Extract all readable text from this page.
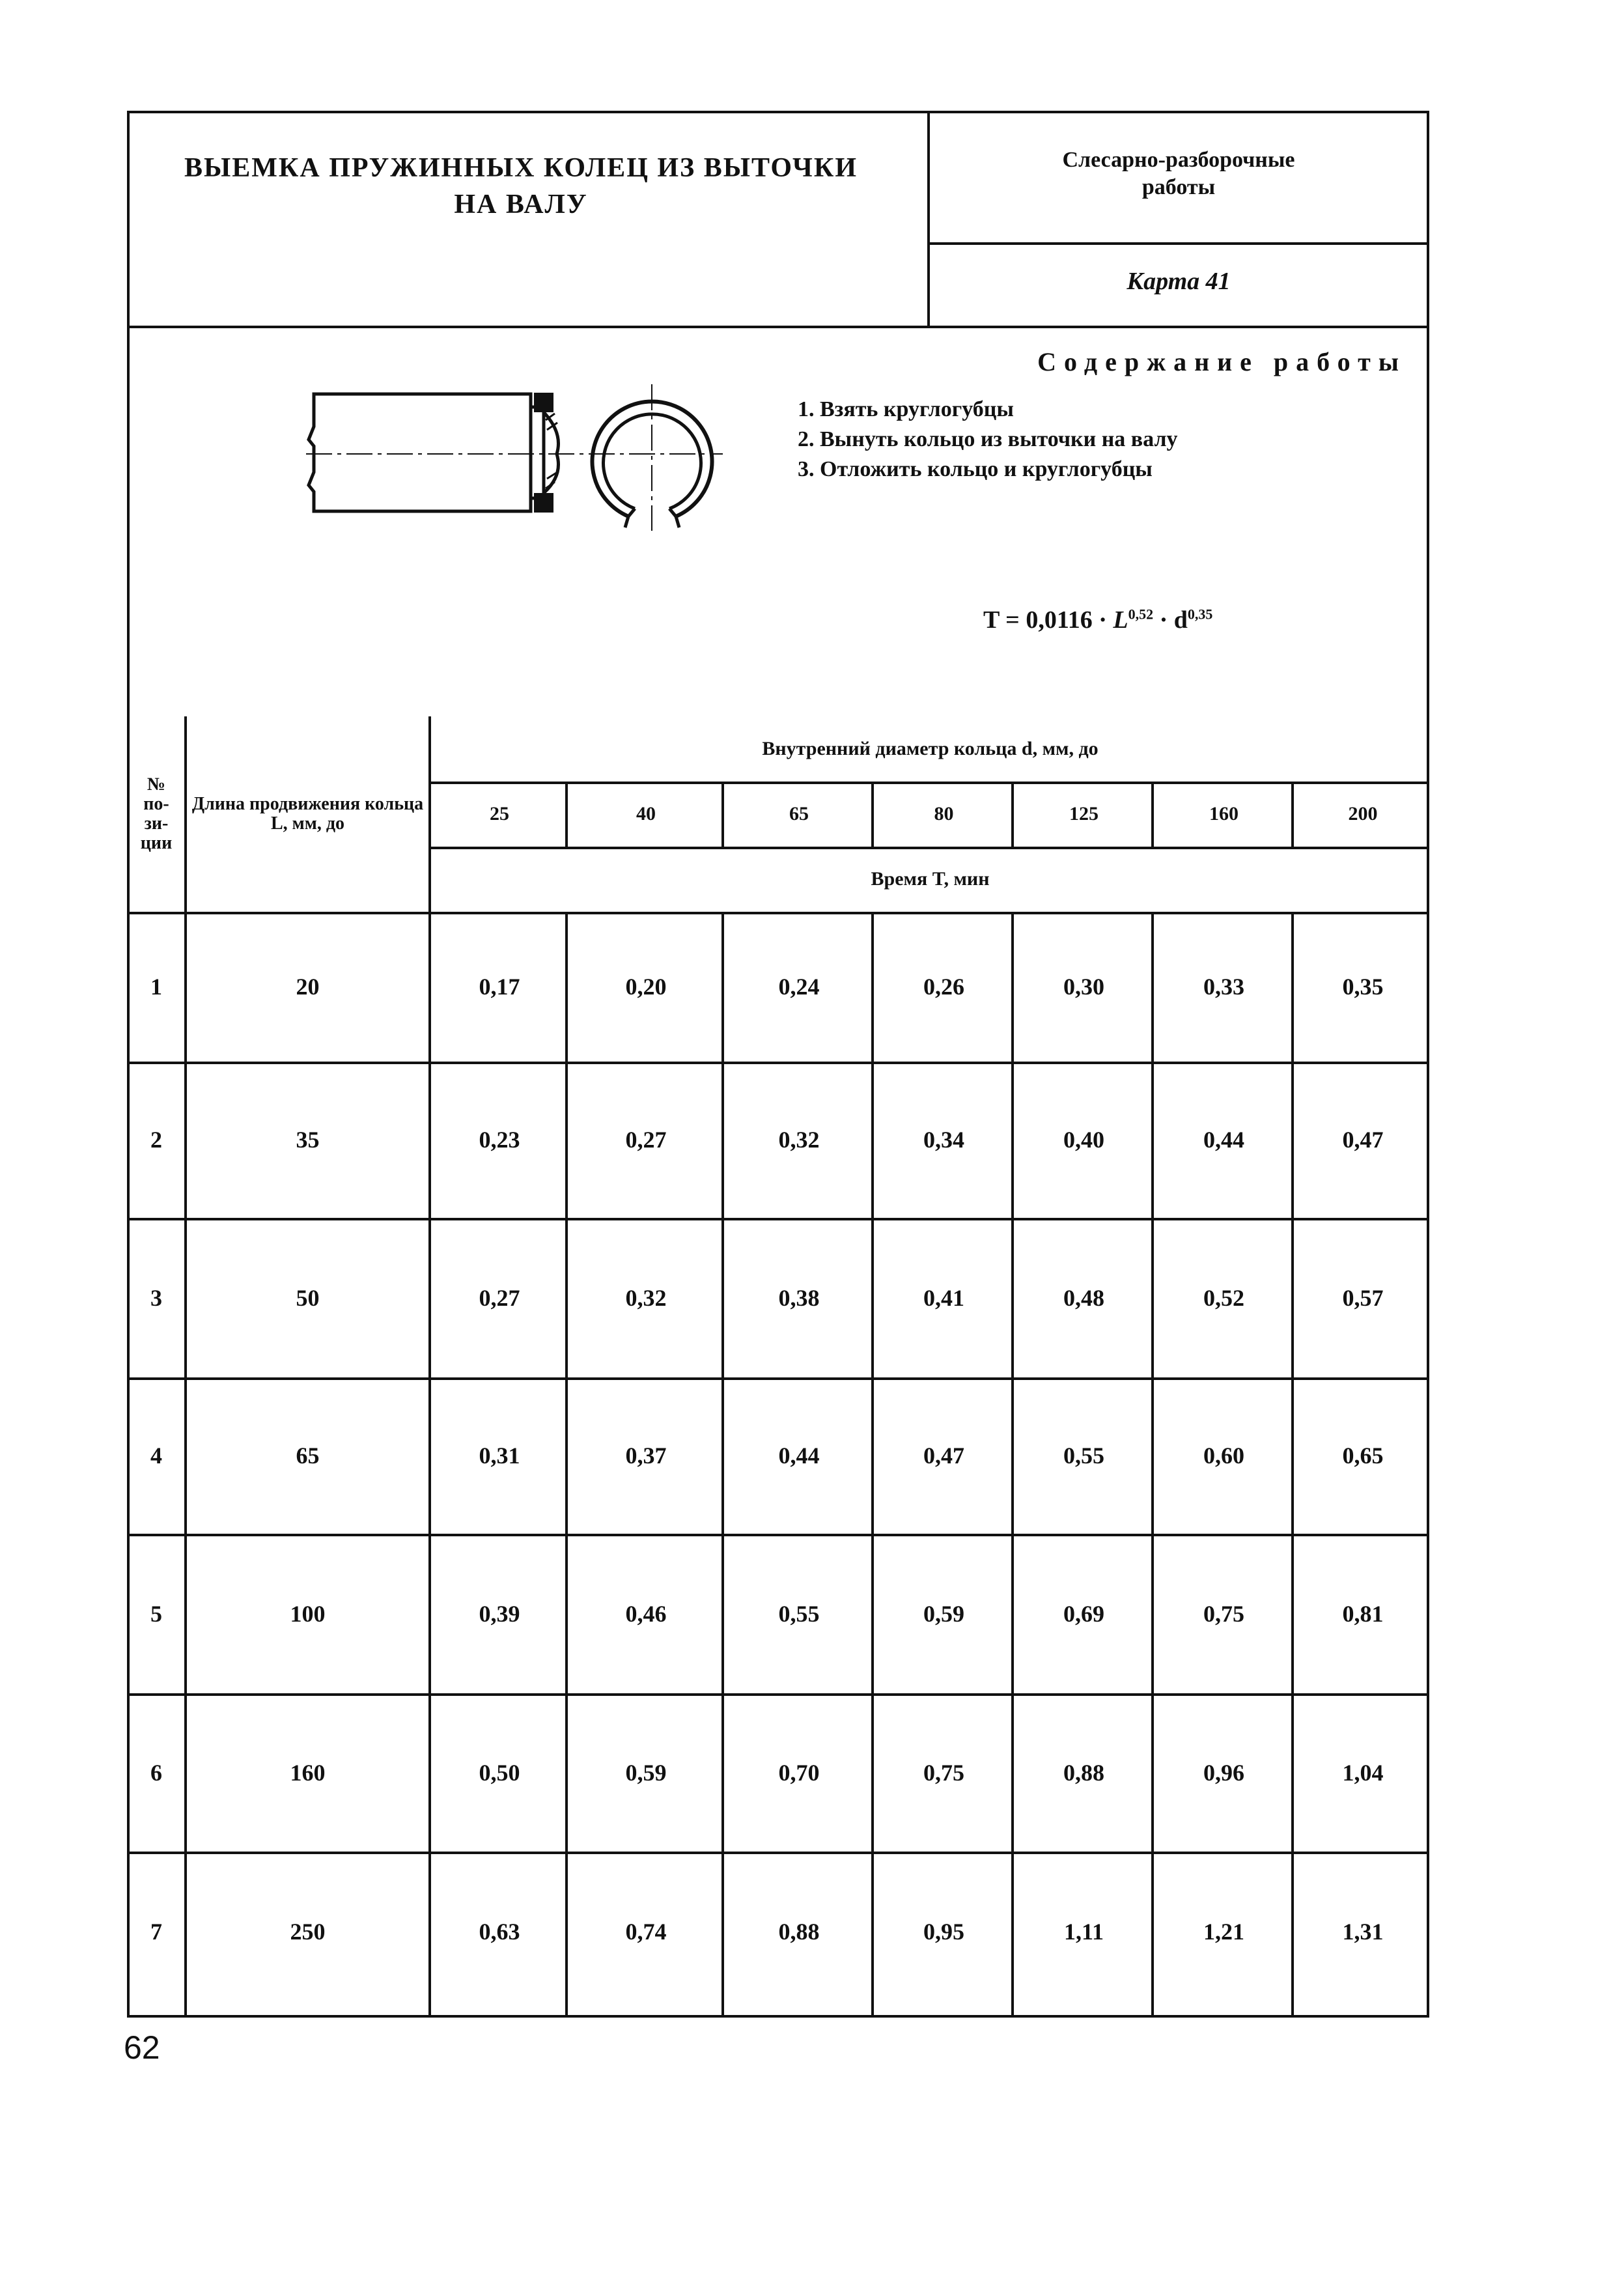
ВЫЕМКА ПРУЖИННЫХ КОЛЕЦ ИЗ ВЫТОЧКИ
НА ВАЛУ
Слесарно-разборочные
работы
Карта 41
Содержание работы
1. Взять круглогубцы
2. Вынуть кольцо из выточки на валу
3. Отложить кольцо и круглогубцы
$T = 0,0116 \cdot L^{0,52} \cdot d^{0,35}$
№ по-зи-ции
Длина продвижения кольца L, мм, до
Внутренний диаметр кольца d, мм, до
25	40	65	80	125	160	200
Время T, мин
1	20	0,17	0,20	0,24	0,26	0,30	0,33	0,35
2	35	0,23	0,27	0,32	0,34	0,40	0,44	0,47
3	50	0,27	0,32	0,38	0,41	0,48	0,52	0,57
4	65	0,31	0,37	0,44	0,47	0,55	0,60	0,65
5	100	0,39	0,46	0,55	0,59	0,69	0,75	0,81
6	160	0,50	0,59	0,70	0,75	0,88	0,96	1,04
7	250	0,63	0,74	0,88	0,95	1,11	1,21	1,31
62
